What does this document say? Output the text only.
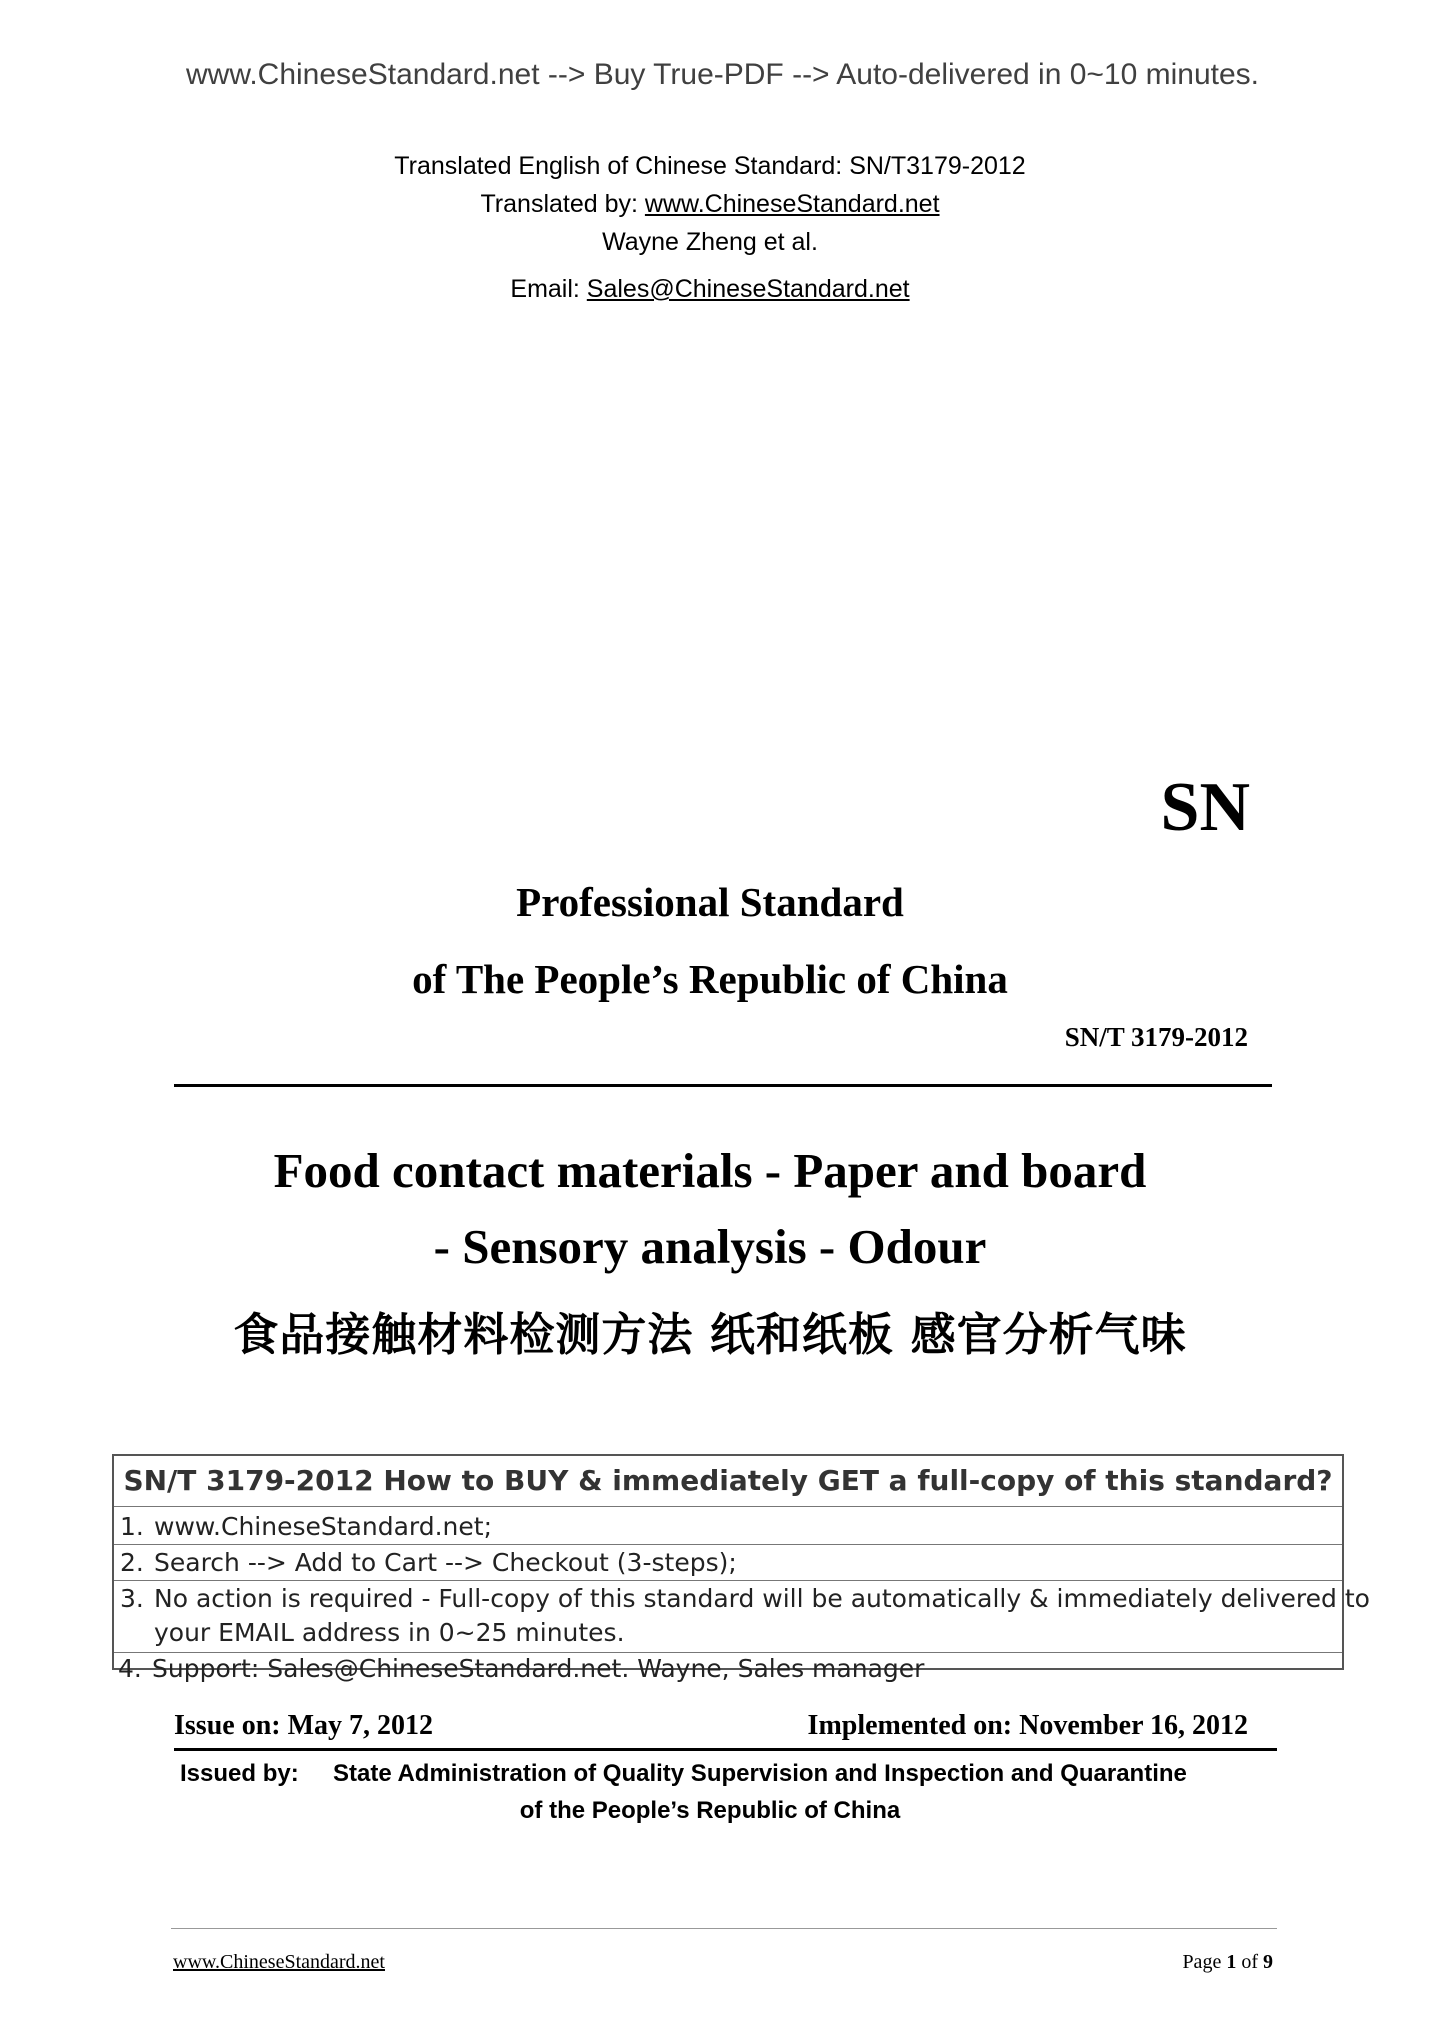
www.ChineseStandard.net --> Buy True-PDF --> Auto-delivered in 0~10 minutes.
Translated English of Chinese Standard: SN/T3179-2012
Translated by: www.ChineseStandard.net
Wayne Zheng et al.
Email: Sales@ChineseStandard.net
SN
Professional Standard
of The People’s Republic of China
SN/T 3179-2012
Food contact materials - Paper and board
- Sensory analysis - Odour
食品接触材料检测方法 纸和纸板 感官分析气味
SN/T 3179-2012 How to BUY & immediately GET a full-copy of this standard?
1. www.ChineseStandard.net;
2. Search --> Add to Cart --> Checkout (3-steps);
3. No action is required - Full-copy of this standard will be automatically & immediately delivered to
your EMAIL address in 0~25 minutes.
4. Support: Sales@ChineseStandard.net. Wayne, Sales manager
Issue on: May 7, 2012	Implemented on: November 16, 2012
Issued by: State Administration of Quality Supervision and Inspection and Quarantine
of the People’s Republic of China
www.ChineseStandard.net	Page 1 of 9
